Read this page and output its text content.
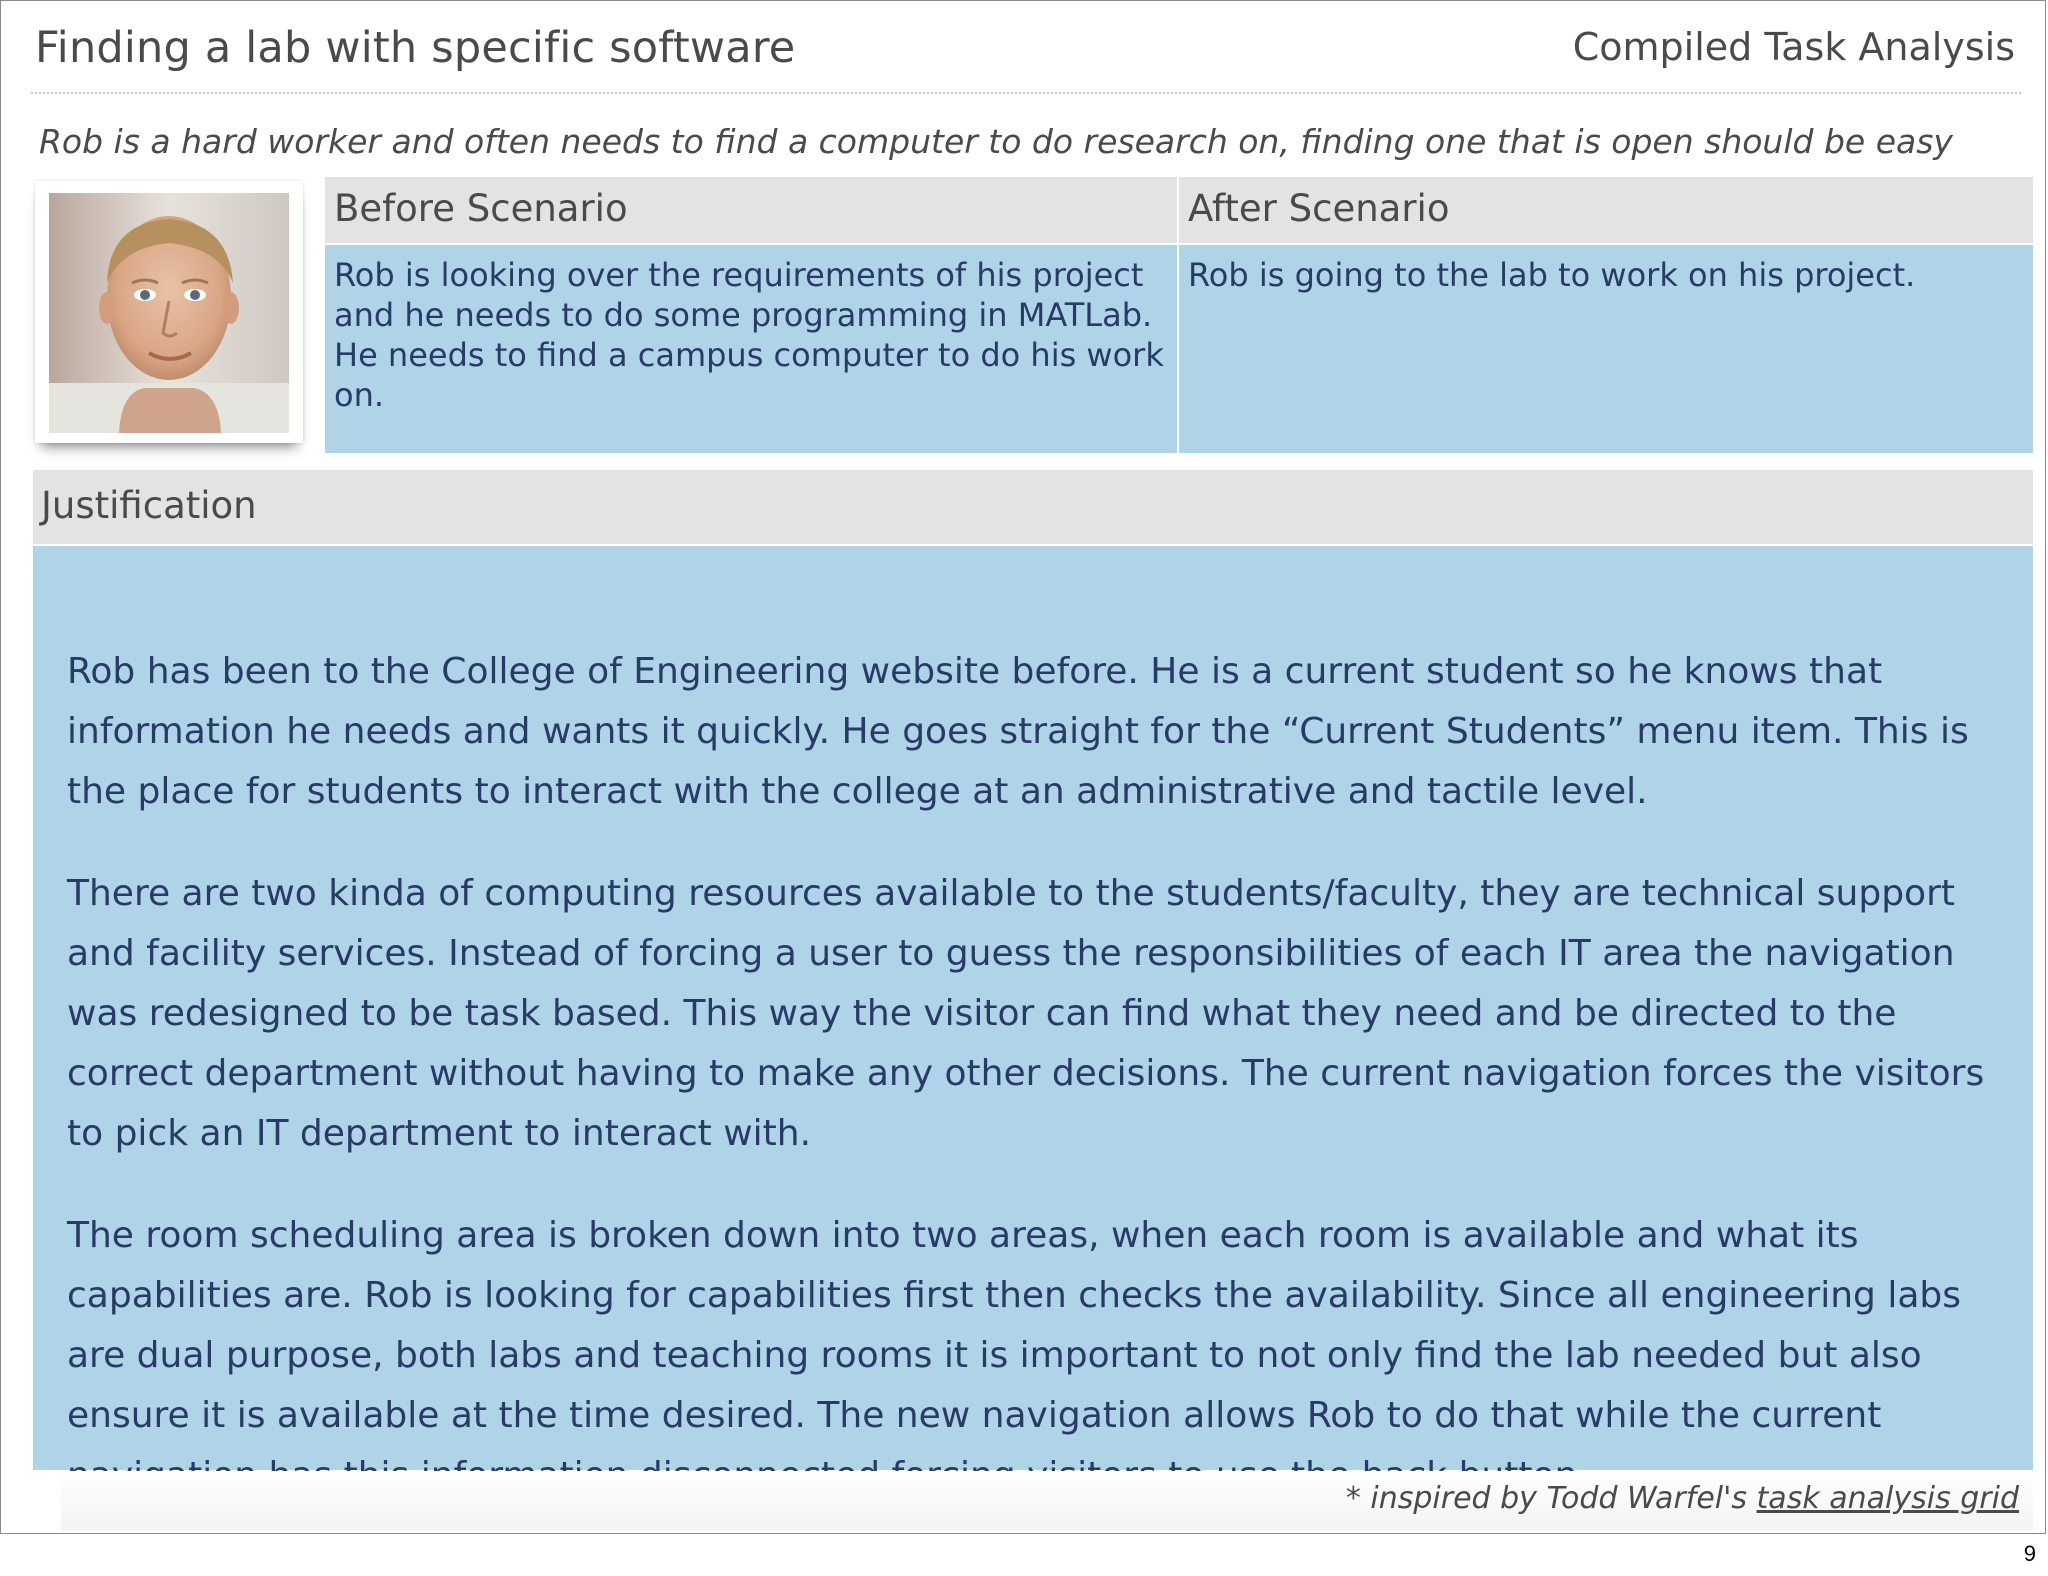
Finding a lab with specific software	Compiled Task Analysis
Rob is a hard worker and often needs to find a computer to do research on, finding one that is open should be easy
Before Scenario	After Scenario
Rob is looking over the requirements of his project and he needs to do some programming in MATLab. He needs to find a campus computer to do his work on.
Rob is going to the lab to work on his project.
Justification

Rob has been to the College of Engineering website before. He is a current student so he knows that information he needs and wants it quickly. He goes straight for the “Current Students” menu item. This is the place for students to interact with the college at an administrative and tactile level.

There are two kinda of computing resources available to the students/faculty, they are technical support and facility services. Instead of forcing a user to guess the responsibilities of each IT area the navigation was redesigned to be task based. This way the visitor can find what they need and be directed to the correct department without having to make any other decisions. The current navigation forces the visitors to pick an IT department to interact with.

The room scheduling area is broken down into two areas, when each room is available and what its capabilities are. Rob is looking for capabilities first then checks the availability. Since all engineering labs are dual purpose, both labs and teaching rooms it is important to not only find the lab needed but also ensure it is available at the time desired. The new navigation allows Rob to do that while the current

* inspired by Todd Warfel's task analysis grid
9
